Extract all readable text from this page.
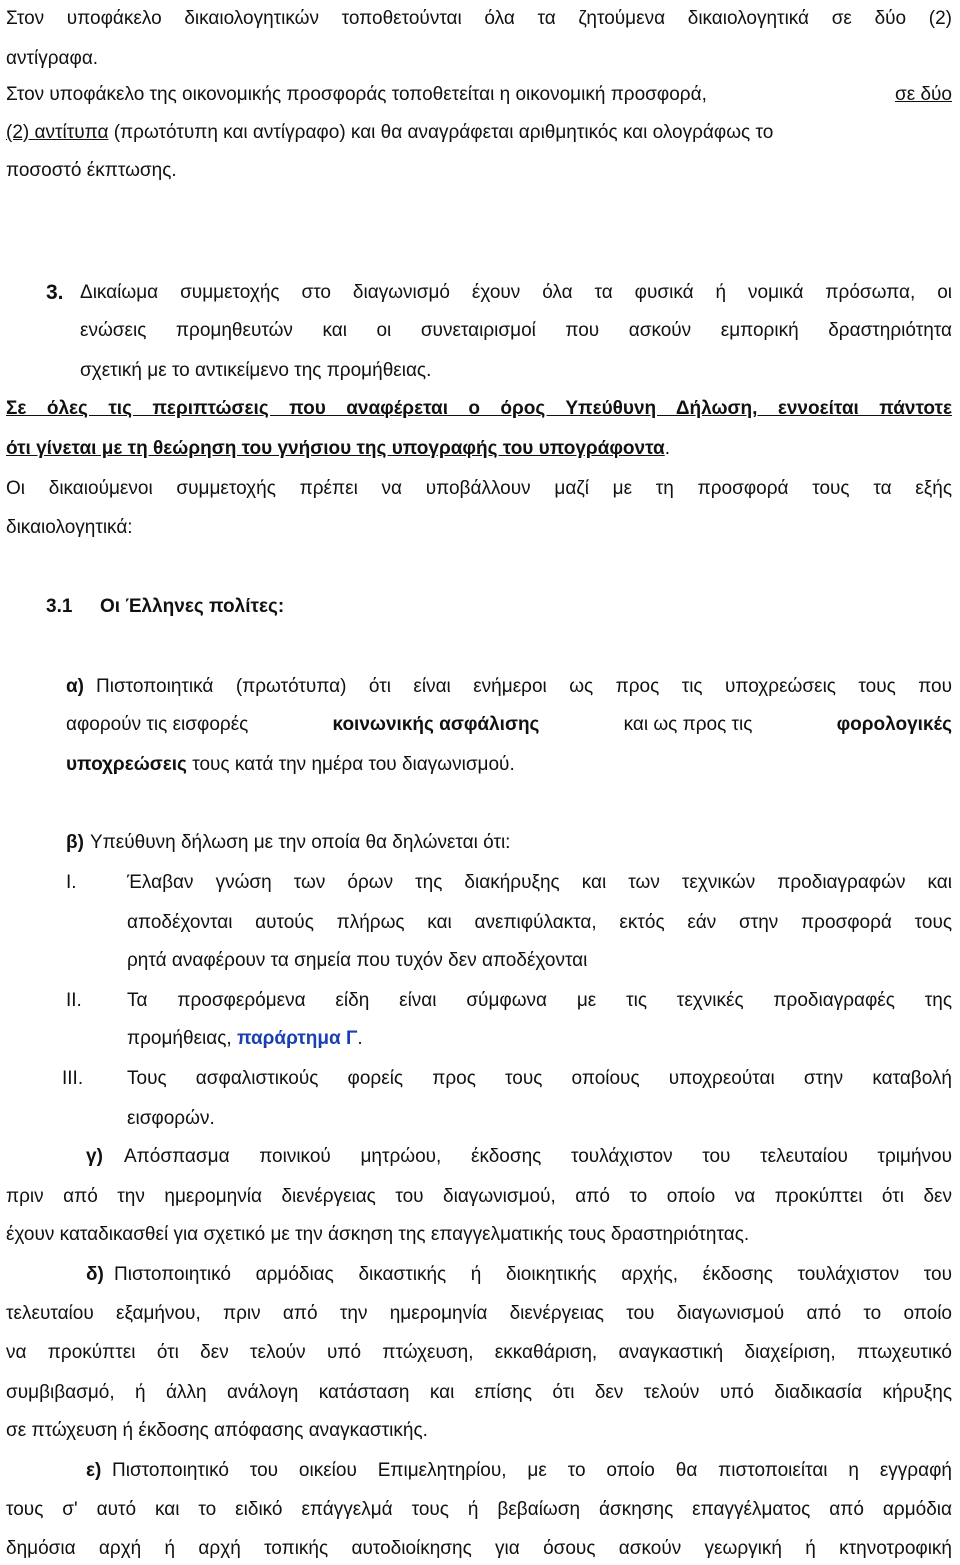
Στον υποφάκελο δικαιολογητικών τοποθετούνται όλα τα ζητούμενα δικαιολογητικά σε δύο (2)
αντίγραφα.
Στον υποφάκελο της οικονομικής προσφοράς τοποθετείται η οικονομική προσφορά,	σε δύο
(2) αντίτυπα (πρωτότυπη και αντίγραφο) και θα αναγράφεται αριθμητικός και ολογράφως το
ποσοστό έκπτωσης.
3. Δικαίωμα συμμετοχής στο διαγωνισμό έχουν όλα τα φυσικά ή νομικά πρόσωπα, οι
ενώσεις προμηθευτών και οι συνεταιρισμοί που ασκούν εμπορική δραστηριότητα
σχετική με το αντικείμενο της προμήθειας.
Σε όλες τις περιπτώσεις που αναφέρεται ο όρος Υπεύθυνη Δήλωση, εννοείται πάντοτε
ότι γίνεται με τη θεώρηση του γνήσιου της υπογραφής του υπογράφοντα.
Οι δικαιούμενοι συμμετοχής πρέπει να υποβάλλουν μαζί με τη προσφορά τους τα εξής
δικαιολογητικά:
3.1 Οι Έλληνες πολίτες:
α) Πιστοποιητικά (πρωτότυπα) ότι είναι ενήμεροι ως προς τις υποχρεώσεις τους που
αφορούν τις εισφορές	κοινωνικής ασφάλισης	και ως προς τις	φορολογικές
υποχρεώσεις τους κατά την ημέρα του διαγωνισμού.
β) Υπεύθυνη δήλωση με την οποία θα δηλώνεται ότι:
I.	Έλαβαν γνώση των όρων της διακήρυξης και των τεχνικών προδιαγραφών και
αποδέχονται αυτούς πλήρως και ανεπιφύλακτα, εκτός εάν στην προσφορά τους
ρητά αναφέρουν τα σημεία που τυχόν δεν αποδέχονται
II. Τα προσφερόμενα είδη είναι σύμφωνα με τις τεχνικές προδιαγραφές της
προμήθειας, παράρτημα Γ.
III. Τους ασφαλιστικούς φορείς προς τους οποίους υποχρεούται στην καταβολή
εισφορών.
γ) Απόσπασμα ποινικού μητρώου, έκδοσης τουλάχιστον του τελευταίου τριμήνου
πριν από την ημερομηνία διενέργειας του διαγωνισμού, από το οποίο να προκύπτει ότι δεν
έχουν καταδικασθεί για σχετικό με την άσκηση της επαγγελματικής τους δραστηριότητας.
δ) Πιστοποιητικό αρμόδιας δικαστικής ή διοικητικής αρχής, έκδοσης τουλάχιστον του
τελευταίου εξαμήνου, πριν από την ημερομηνία διενέργειας του διαγωνισμού από το οποίο
να προκύπτει ότι δεν τελούν υπό πτώχευση, εκκαθάριση, αναγκαστική διαχείριση, πτωχευτικό
συμβιβασμό, ή άλλη ανάλογη κατάσταση και επίσης ότι δεν τελούν υπό διαδικασία κήρυξης
σε πτώχευση ή έκδοσης απόφασης αναγκαστικής.
ε) Πιστοποιητικό του οικείου Επιμελητηρίου, με το οποίο θα πιστοποιείται η εγγραφή
τους σ' αυτό και το ειδικό επάγγελμά τους ή βεβαίωση άσκησης επαγγέλματος από αρμόδια
δημόσια αρχή ή αρχή τοπικής αυτοδιοίκησης για όσους ασκούν γεωργική ή κτηνοτροφική
